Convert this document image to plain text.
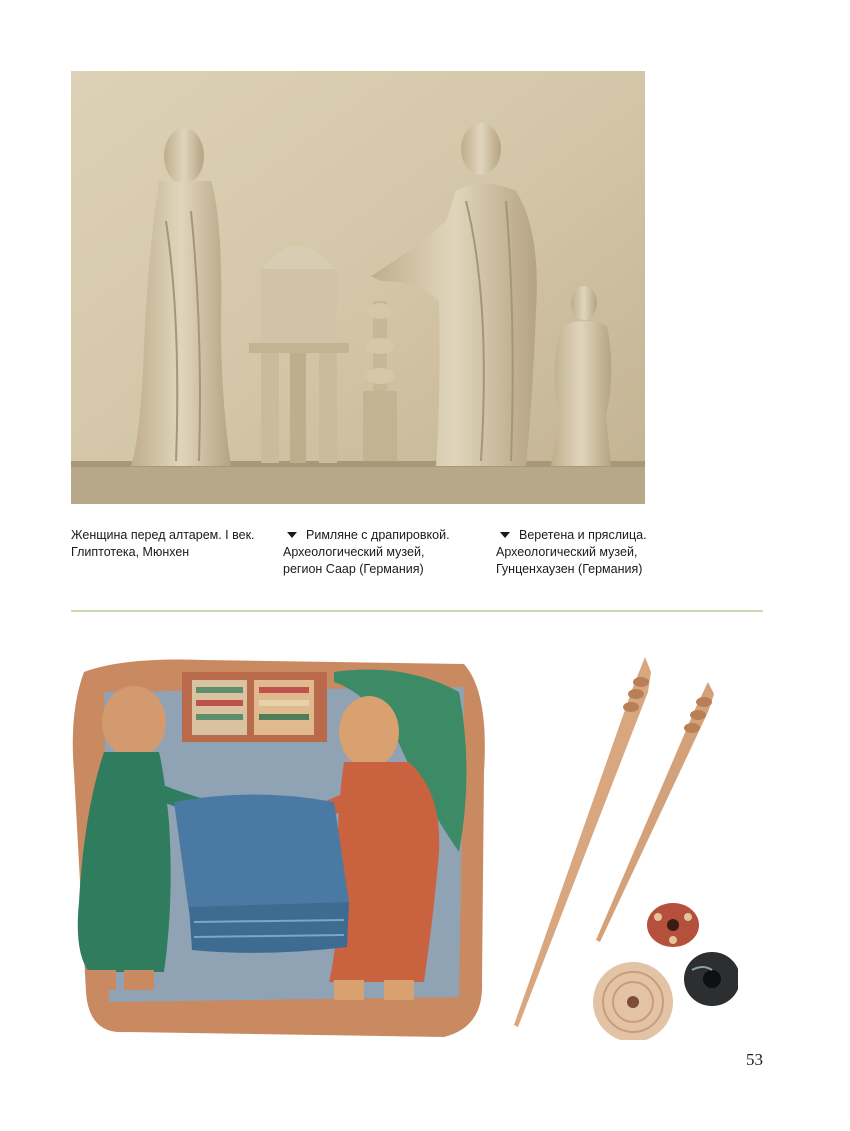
Женщина перед алтарем. I век.
Глиптотека, Мюнхен
Римляне с драпировкой.
Археологический музей,
регион Саар (Германия)
Веретена и пряслица.
Археологический музей,
Гунценхаузен (Германия)
53
